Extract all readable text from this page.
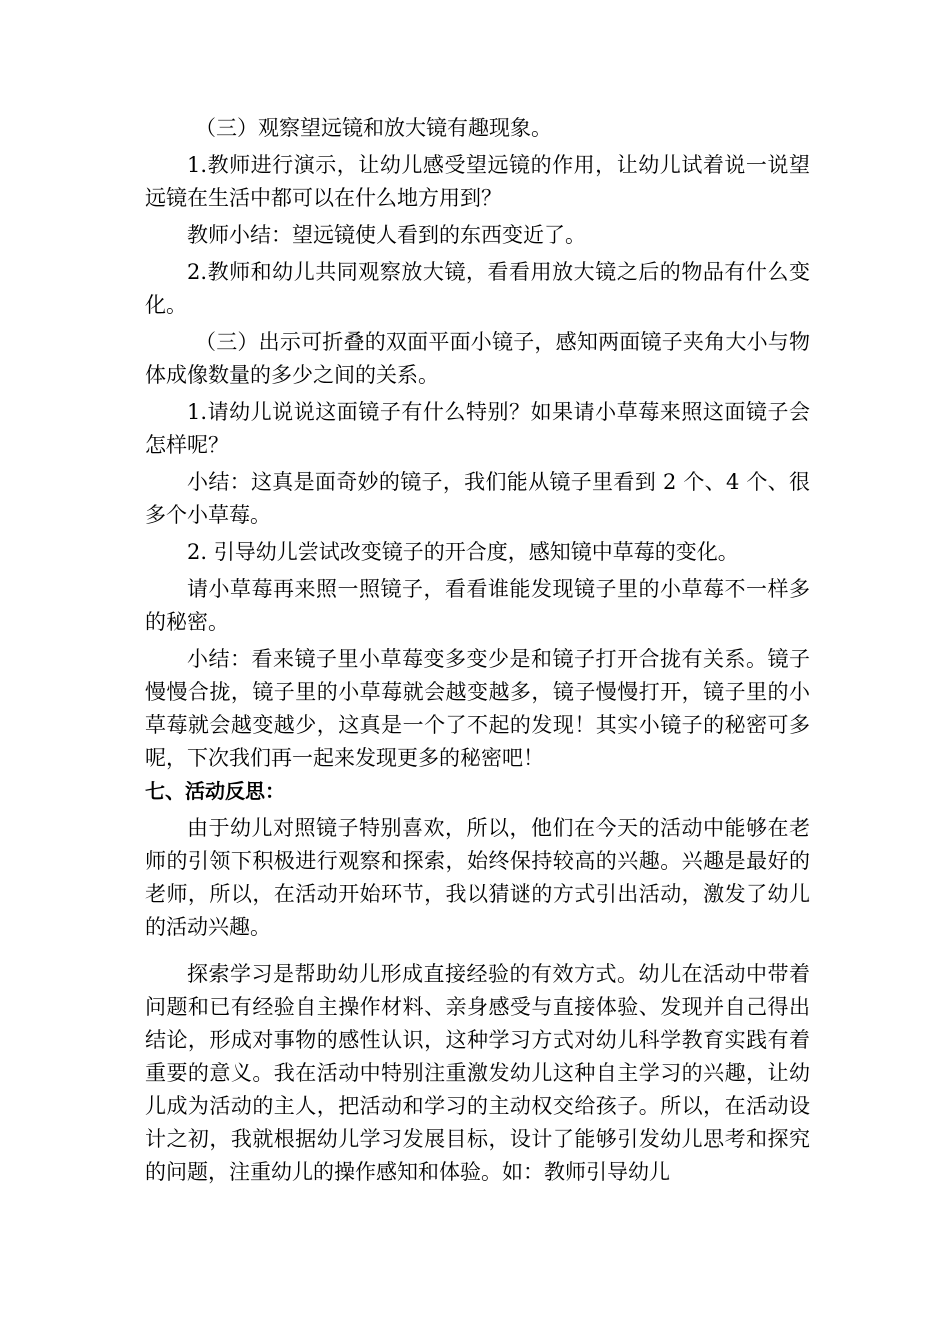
（三）观察望远镜和放大镜有趣现象。

1.教师进行演示，让幼儿感受望远镜的作用，让幼儿试着说一说望远镜在生活中都可以在什么地方用到？

教师小结：望远镜使人看到的东西变近了。

2.教师和幼儿共同观察放大镜，看看用放大镜之后的物品有什么变化。

（三）出示可折叠的双面平面小镜子，感知两面镜子夹角大小与物体成像数量的多少之间的关系。

1.请幼儿说说这面镜子有什么特别？如果请小草莓来照这面镜子会怎样呢？

小结：这真是面奇妙的镜子，我们能从镜子里看到 2 个、4 个、很多个小草莓。

2. 引导幼儿尝试改变镜子的开合度，感知镜中草莓的变化。

请小草莓再来照一照镜子，看看谁能发现镜子里的小草莓不一样多的秘密。

小结：看来镜子里小草莓变多变少是和镜子打开合拢有关系。镜子慢慢合拢，镜子里的小草莓就会越变越多，镜子慢慢打开，镜子里的小草莓就会越变越少，这真是一个了不起的发现！其实小镜子的秘密可多呢，下次我们再一起来发现更多的秘密吧！

七、活动反思：

由于幼儿对照镜子特别喜欢，所以，他们在今天的活动中能够在老师的引领下积极进行观察和探索，始终保持较高的兴趣。兴趣是最好的老师，所以，在活动开始环节，我以猜谜的方式引出活动，激发了幼儿的活动兴趣。

探索学习是帮助幼儿形成直接经验的有效方式。幼儿在活动中带着问题和已有经验自主操作材料、亲身感受与直接体验、发现并自己得出结论，形成对事物的感性认识，这种学习方式对幼儿科学教育实践有着重要的意义。我在活动中特别注重激发幼儿这种自主学习的兴趣，让幼儿成为活动的主人，把活动和学习的主动权交给孩子。所以，在活动设计之初，我就根据幼儿学习发展目标，设计了能够引发幼儿思考和探究的问题，注重幼儿的操作感知和体验。如：教师引导幼儿
